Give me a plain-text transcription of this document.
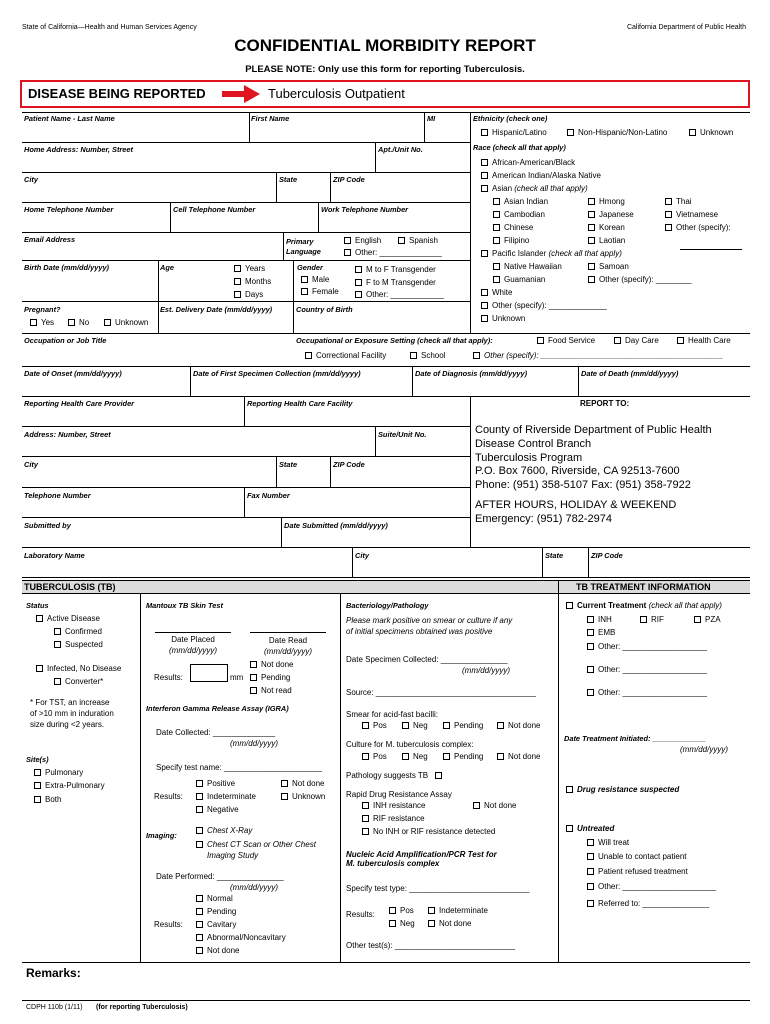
State of California—Health and Human Services Agency	California Department of Public Health
CONFIDENTIAL MORBIDITY REPORT
PLEASE NOTE: Only use this form for reporting Tuberculosis.
DISEASE BEING REPORTED	Tuberculosis Outpatient
Patient Name - Last Name	First Name	MI
Home Address: Number, Street	Apt./Unit No.
City	State	ZIP Code
Home Telephone Number	Cell Telephone Number	Work Telephone Number
Email Address	Primary
Language
English	Spanish
Other: ______________
Birth Date (mm/dd/yyyy)	Age	Years
Months
Days
Gender
Male
Female
M to F Transgender
F to M Transgender
Other: ____________
Pregnant?
Yes	No	Unknown
Est. Delivery Date (mm/dd/yyyy)	Country of Birth
Occupation or Job Title	Occupational or Exposure Setting (check all that apply):	Food Service	Day Care	Health Care
Correctional Facility	School	Other (specify): _________________________________________
Date of Onset (mm/dd/yyyy)	Date of First Specimen Collection (mm/dd/yyyy)	Date of Diagnosis (mm/dd/yyyy)	Date of Death (mm/dd/yyyy)
Ethnicity (check one)
Hispanic/Latino	Non-Hispanic/Non-Latino	Unknown
Race (check all that apply)
African-American/Black
American Indian/Alaska Native
Asian (check all that apply)
Asian Indian	Hmong	Thai
Cambodian	Japanese	Vietnamese
Chinese	Korean	Other (specify):
Filipino	Laotian
Pacific Islander (check all that apply)
Native Hawaiian	Samoan
Guamanian	Other (specify): ________
White
Other (specify): _____________
Unknown
Reporting Health Care Provider	Reporting Health Care Facility	REPORT TO:
Address: Number, Street	Suite/Unit No.
City	State	ZIP Code
Telephone Number	Fax Number
Submitted by	Date Submitted (mm/dd/yyyy)
Laboratory Name	City	State	ZIP Code
County of Riverside Department of Public Health
Disease Control Branch
Tuberculosis Program
P.O. Box 7600, Riverside, CA 92513-7600
Phone: (951) 358-5107 Fax: (951) 358-7922
AFTER HOURS, HOLIDAY & WEEKEND
Emergency: (951) 782-2974
TUBERCULOSIS (TB)	TB TREATMENT INFORMATION
Status
Active Disease
Confirmed
Suspected
Infected, No Disease
Converter*
* For TST, an increase
of >10 mm in induration
size during <2 years.
Site(s)
Pulmonary
Extra-Pulmonary
Both
Mantoux TB Skin Test
Date Placed
(mm/dd/yyyy)
Date Read
(mm/dd/yyyy)
Results:	mm
Not done
Pending
Not read
Interferon Gamma Release Assay (IGRA)
Date Collected: ______________
(mm/dd/yyyy)
Specify test name: ______________________
Positive
Results:	Indeterminate
Negative
Not done
Unknown
Imaging:
Chest X-Ray
Chest CT Scan or Other Chest
Imaging Study
Date Performed: _______________
(mm/dd/yyyy)
Normal
Pending
Results:	Cavitary
Abnormal/Noncavitary
Not done
Bacteriology/Pathology
Please mark positive on smear or culture if any
of initial specimens obtained was positive
Date Specimen Collected: _______________
(mm/dd/yyyy)
Source: ____________________________________
Smear for acid-fast bacilli:
Pos	Neg	Pending	Not done
Culture for M. tuberculosis complex:
Pos	Neg	Pending	Not done
Pathology suggests TB
Rapid Drug Resistance Assay
INH resistance	Not done
RIF resistance
No INH or RIF resistance detected
Nucleic Acid Amplification/PCR Test for
M. tuberculosis complex
Specify test type: ___________________________
Results:	Pos	Indeterminate
Neg	Not done
Other test(s): ___________________________
Current Treatment (check all that apply)
INH	RIF	PZA
EMB
Other: ___________________
Other: ___________________
Other: ___________________
Date Treatment Initiated: _____________
(mm/dd/yyyy)
Drug resistance suspected
Untreated
Will treat
Unable to contact patient
Patient refused treatment
Other: _____________________
Referred to: _______________
Remarks:
CDPH 110b (1/11) (for reporting Tuberculosis)
